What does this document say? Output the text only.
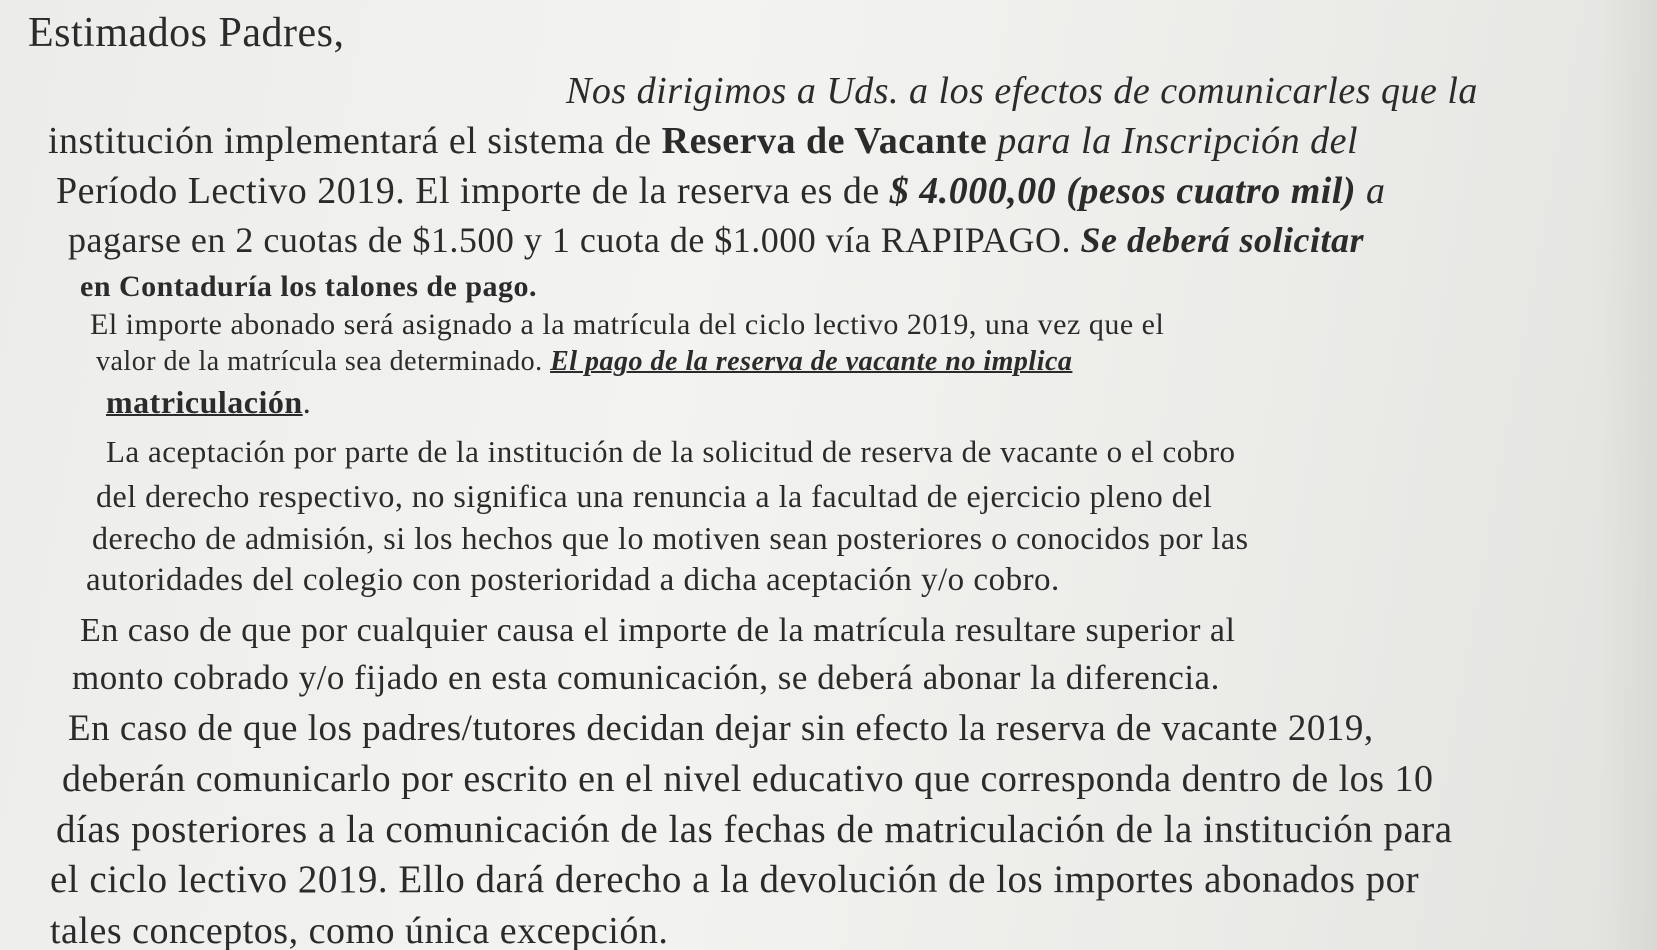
Estimados Padres,
Nos dirigimos a Uds. a los efectos de comunicarles que la
institución implementará el sistema de Reserva de Vacante para la Inscripción del
Período Lectivo 2019. El importe de la reserva es de $ 4.000,00 (pesos cuatro mil) a
pagarse en 2 cuotas de $1.500 y 1 cuota de $1.000 vía RAPIPAGO. Se deberá solicitar
en Contaduría los talones de pago.
El importe abonado será asignado a la matrícula del ciclo lectivo 2019, una vez que el
valor de la matrícula sea determinado. El pago de la reserva de vacante no implica
matriculación.
La aceptación por parte de la institución de la solicitud de reserva de vacante o el cobro
del derecho respectivo, no significa una renuncia a la facultad de ejercicio pleno del
derecho de admisión, si los hechos que lo motiven sean posteriores o conocidos por las
autoridades del colegio con posterioridad a dicha aceptación y/o cobro.
En caso de que por cualquier causa el importe de la matrícula resultare superior al
monto cobrado y/o fijado en esta comunicación, se deberá abonar la diferencia.
En caso de que los padres/tutores decidan dejar sin efecto la reserva de vacante 2019,
deberán comunicarlo por escrito en el nivel educativo que corresponda dentro de los 10
días posteriores a la comunicación de las fechas de matriculación de la institución para
el ciclo lectivo 2019. Ello dará derecho a la devolución de los importes abonados por
tales conceptos, como única excepción.
